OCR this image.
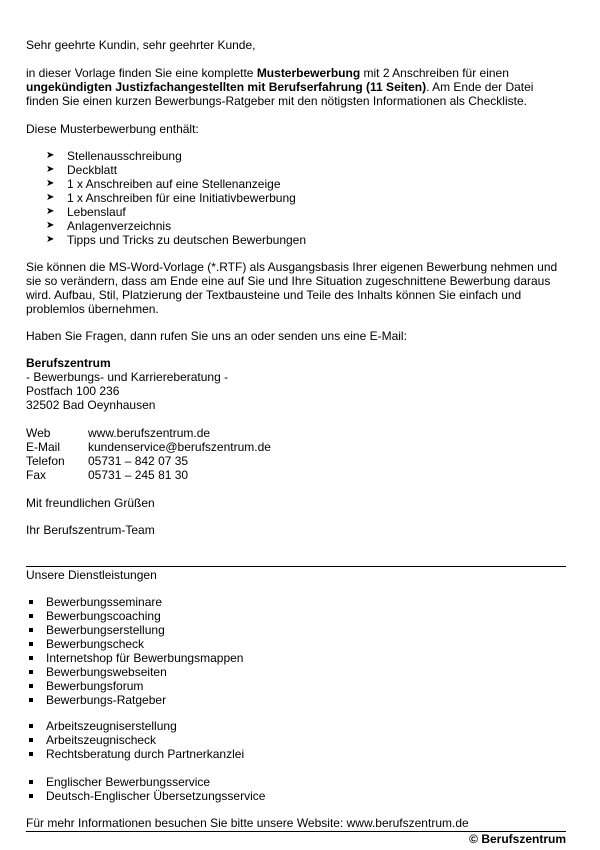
Sehr geehrte Kundin, sehr geehrter Kunde,

in dieser Vorlage finden Sie eine komplette Musterbewerbung mit 2 Anschreiben für einen ungekündigten Justizfachangestellten mit Berufserfahrung (11 Seiten). Am Ende der Datei finden Sie einen kurzen Bewerbungs-Ratgeber mit den nötigsten Informationen als Checkliste.

Diese Musterbewerbung enthält:

➤ Stellenausschreibung
➤ Deckblatt
➤ 1 x Anschreiben auf eine Stellenanzeige
➤ 1 x Anschreiben für eine Initiativbewerbung
➤ Lebenslauf
➤ Anlagenverzeichnis
➤ Tipps und Tricks zu deutschen Bewerbungen

Sie können die MS-Word-Vorlage (*.RTF) als Ausgangsbasis Ihrer eigenen Bewerbung nehmen und sie so verändern, dass am Ende eine auf Sie und Ihre Situation zugeschnittene Bewerbung daraus wird. Aufbau, Stil, Platzierung der Textbausteine und Teile des Inhalts können Sie einfach und problemlos übernehmen.

Haben Sie Fragen, dann rufen Sie uns an oder senden uns eine E-Mail:

Berufszentrum

- Bewerbungs- und Karriereberatung -

Postfach 100 236

32502 Bad Oeynhausen

Web	www.berufszentrum.de
E-Mail	kundenservice@berufszentrum.de
Telefon	05731 – 842 07 35
Fax	05731 – 245 81 30

Mit freundlichen Grüßen

Ihr Berufszentrum-Team

Unsere Dienstleistungen

Bewerbungsseminare
Bewerbungscoaching
Bewerbungserstellung
Bewerbungscheck
Internetshop für Bewerbungsmappen
Bewerbungswebseiten
Bewerbungsforum
Bewerbungs-Ratgeber
Arbeitszeugniserstellung
Arbeitszeugnischeck
Rechtsberatung durch Partnerkanzlei
Englischer Bewerbungsservice
Deutsch-Englischer Übersetzungsservice

Für mehr Informationen besuchen Sie bitte unsere Website: www.berufszentrum.de

© Berufszentrum
